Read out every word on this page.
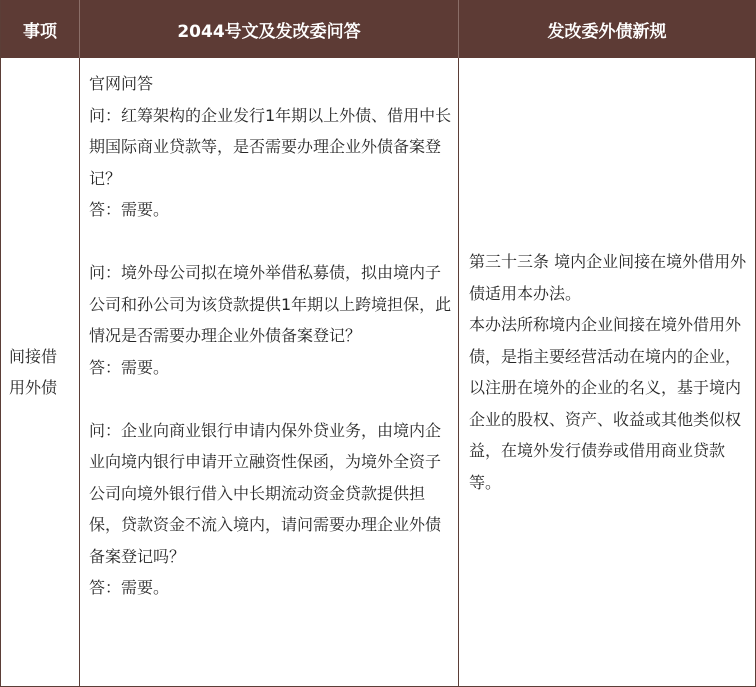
事项	2044号文及发改委问答	发改委外债新规
间接借用外债
官网问答
问：红筹架构的企业发行1年期以上外债、借用中长期国际商业贷款等，是否需要办理企业外债备案登记？
答：需要。
问：境外母公司拟在境外举借私募债，拟由境内子公司和孙公司为该贷款提供1年期以上跨境担保，此情况是否需要办理企业外债备案登记？
答：需要。
问：企业向商业银行申请内保外贷业务，由境内企业向境内银行申请开立融资性保函，为境外全资子公司向境外银行借入中长期流动资金贷款提供担保，贷款资金不流入境内，请问需要办理企业外债备案登记吗？
答：需要。

第三十三条 境内企业间接在境外借用外债适用本办法。

本办法所称境内企业间接在境外借用外债，是指主要经营活动在境内的企业，以注册在境外的企业的名义，基于境内企业的股权、资产、收益或其他类似权益，在境外发行债券或借用商业贷款等。
